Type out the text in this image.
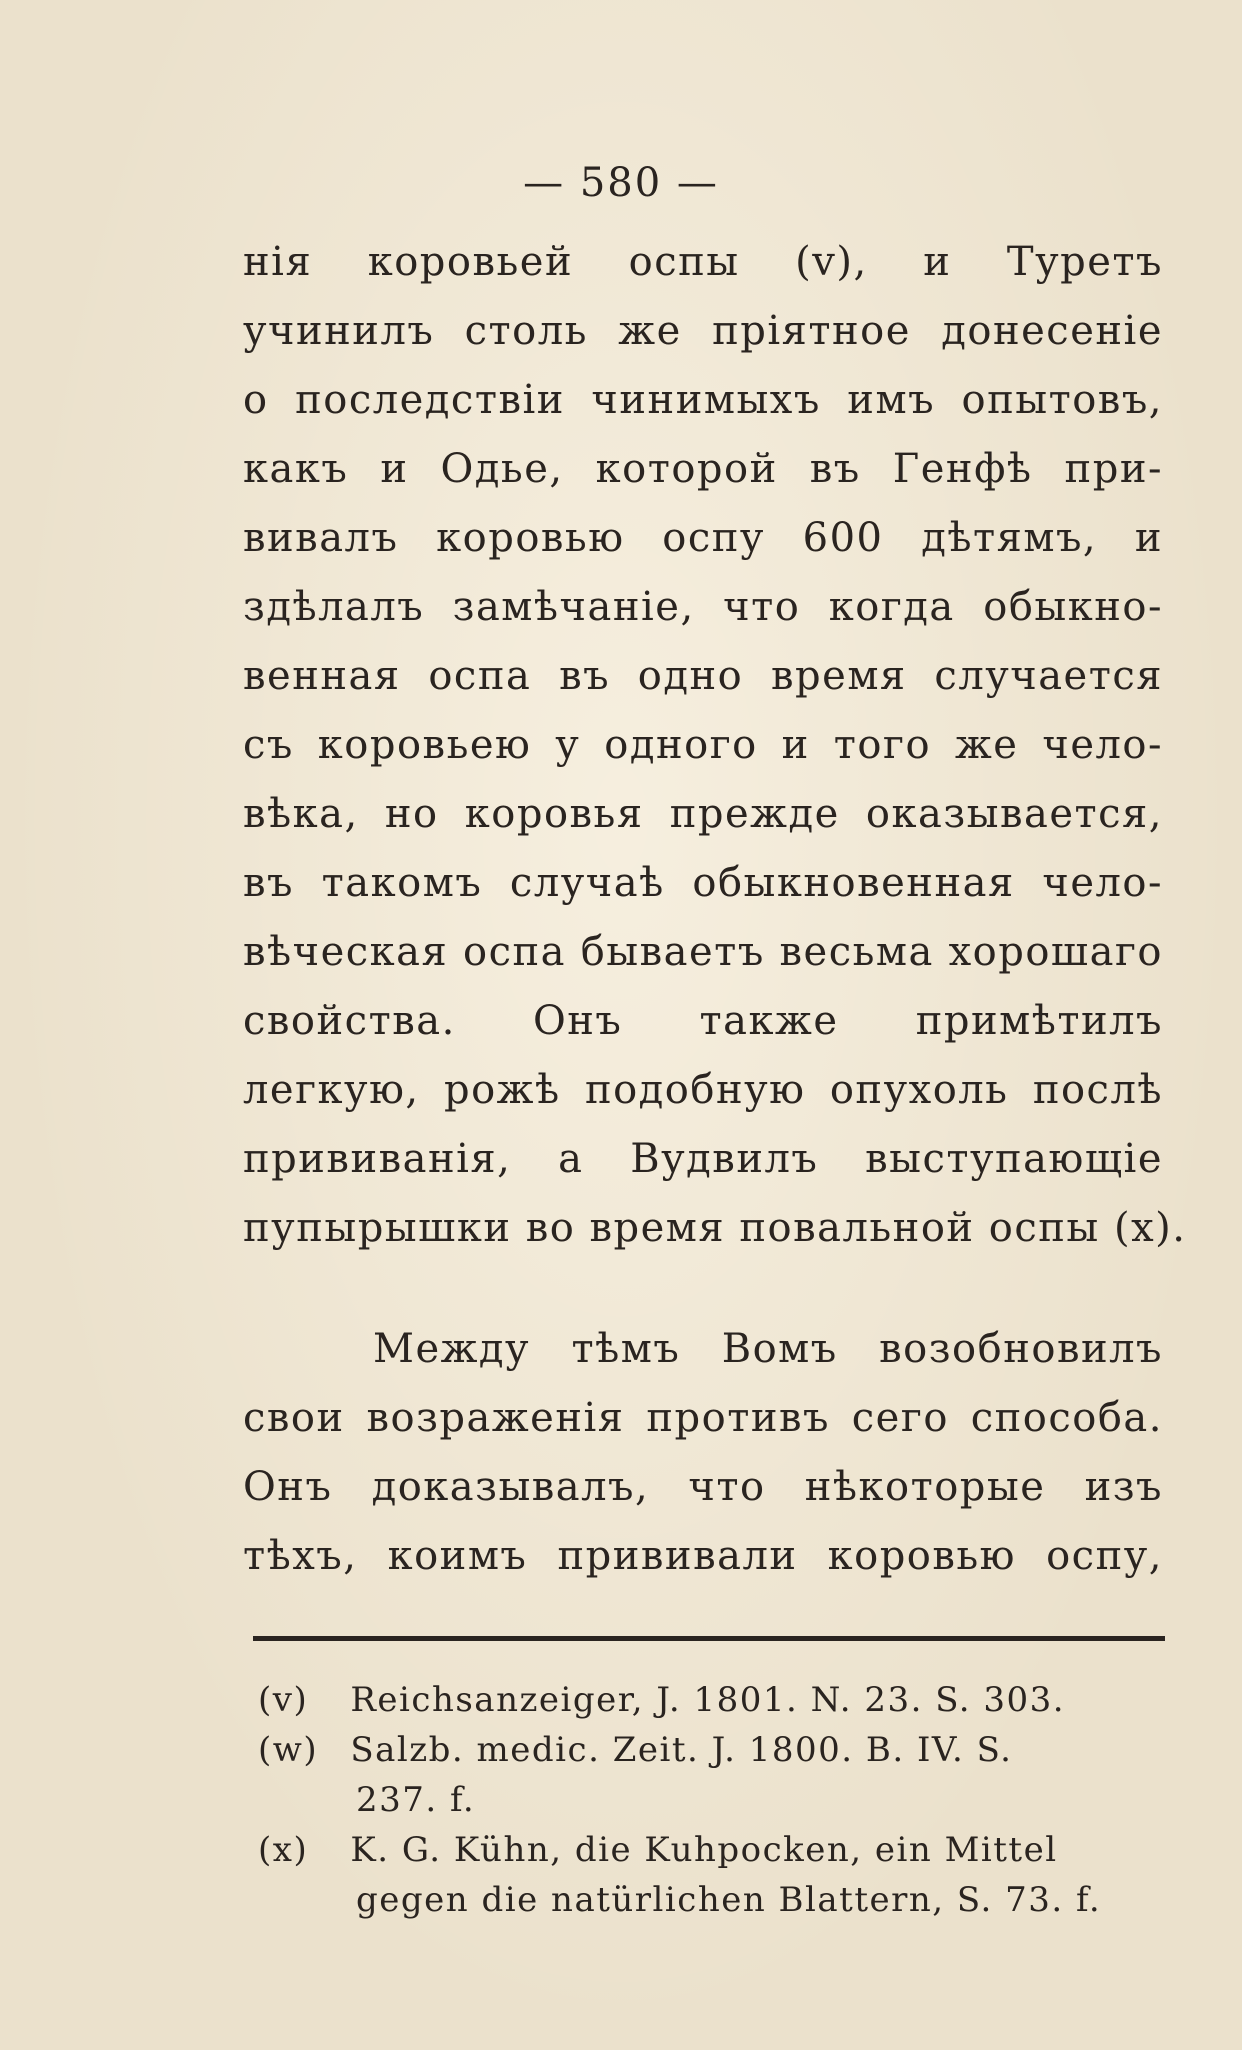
— 580 —
нія коровьей оспы (v), и Туретъ
учинилъ столь же пріятное донесеніе
о последствіи чинимыхъ имъ опытовъ,
какъ и Одье, которой въ Генфѣ при-
вивалъ коровью оспу 600 дѣтямъ, и
здѣлалъ замѣчаніе, что когда обыкно-
венная оспа въ одно время случается
съ коровьею у одного и того же чело-
вѣка, но коровья прежде оказывается,
въ такомъ случаѣ обыкновенная чело-
вѣческая оспа бываетъ весьма хорошаго
свойства. Онъ также примѣтилъ
легкую, рожѣ подобную опухоль послѣ
прививанія, а Вудвилъ выступающіе
пупырышки во время повальной оспы (x).
Между тѣмъ Вомъ возобновилъ
свои возраженія противъ сего способа.
Онъ доказывалъ, что нѣкоторые изъ
тѣхъ, коимъ прививали коровью оспу,
(v) Reichsanzeiger, J. 1801. N. 23. S. 303.
(w) Salzb. medic. Zeit. J. 1800. B. IV. S.
237. f.
(x) K. G. Kühn, die Kuhpocken, ein Mittel
gegen die natürlichen Blattern, S. 73. f.
